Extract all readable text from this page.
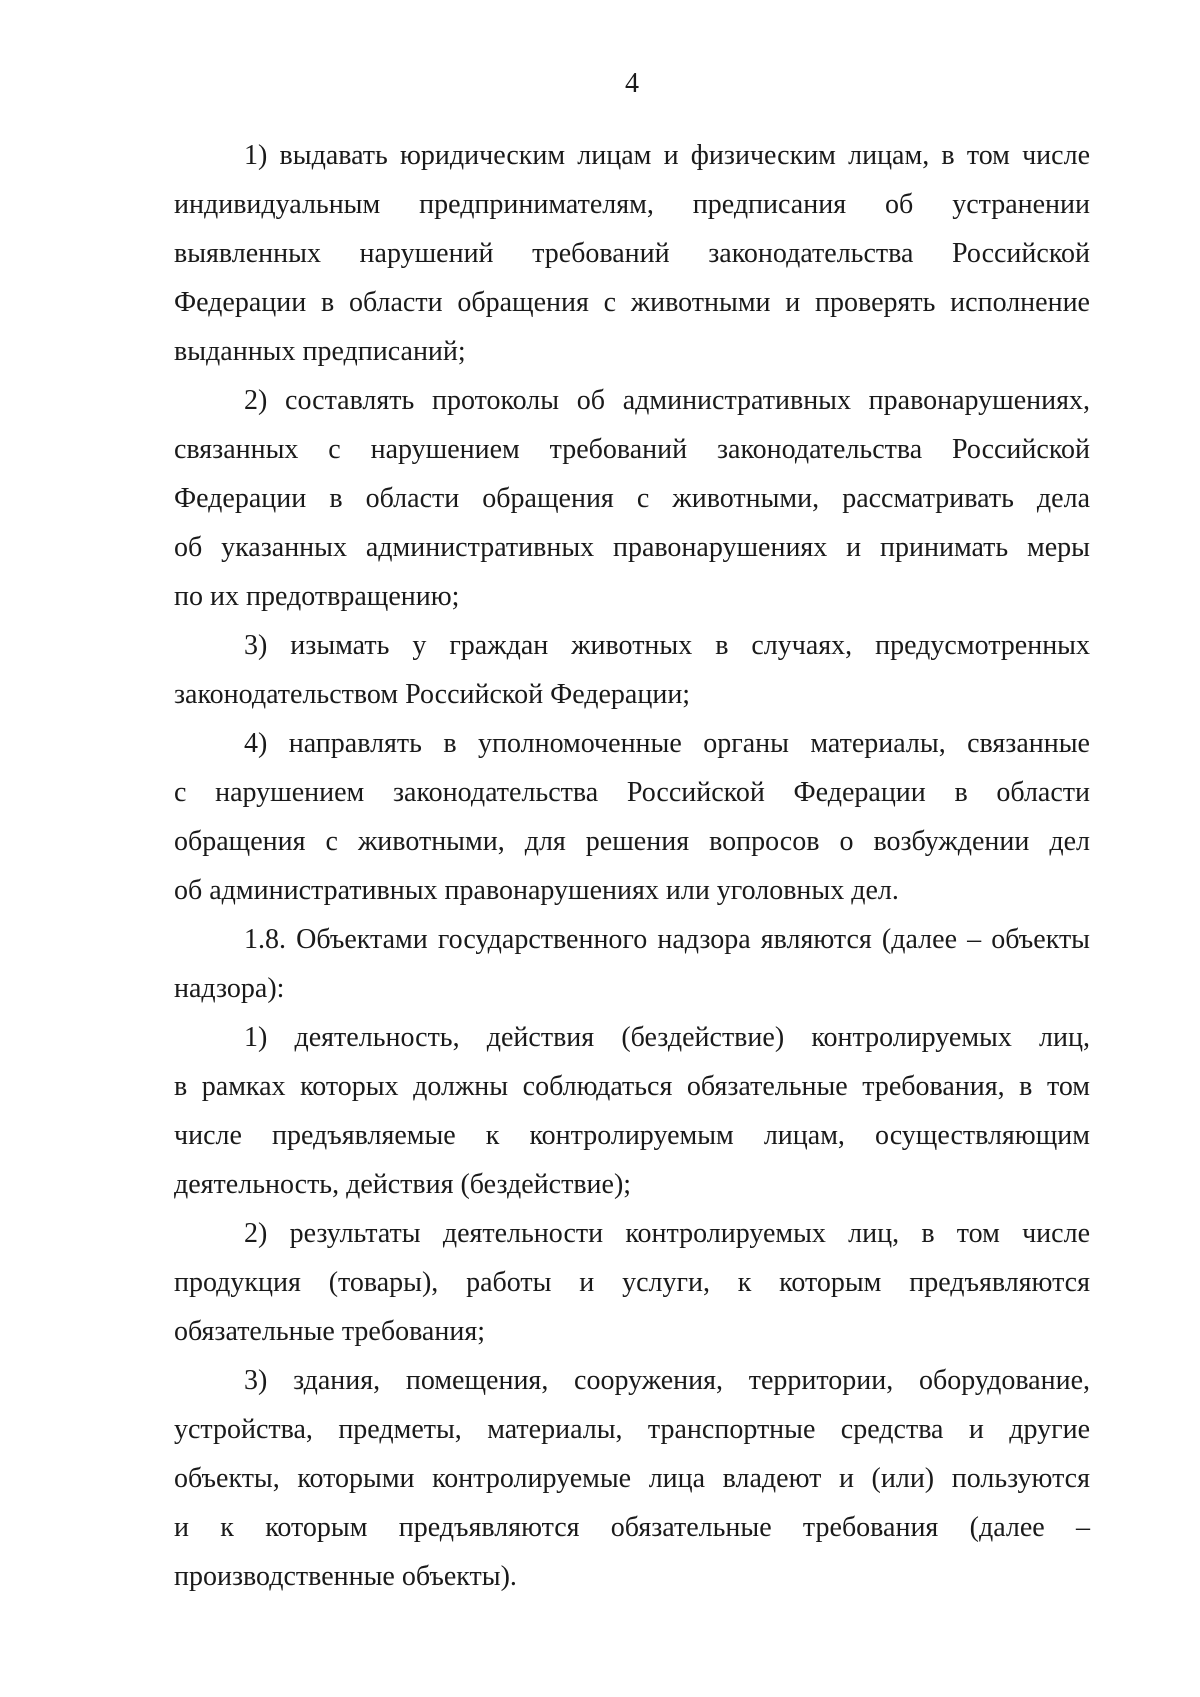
4
1) выдавать юридическим лицам и физическим лицам, в том числе
индивидуальным предпринимателям, предписания об устранении
выявленных нарушений требований законодательства Российской
Федерации в области обращения с животными и проверять исполнение
выданных предписаний;
2) составлять протоколы об административных правонарушениях,
связанных с нарушением требований законодательства Российской
Федерации в области обращения с животными, рассматривать дела
об указанных административных правонарушениях и принимать меры
по их предотвращению;
3) изымать у граждан животных в случаях, предусмотренных
законодательством Российской Федерации;
4) направлять в уполномоченные органы материалы, связанные
с нарушением законодательства Российской Федерации в области
обращения с животными, для решения вопросов о возбуждении дел
об административных правонарушениях или уголовных дел.
1.8. Объектами государственного надзора являются (далее – объекты
надзора):
1) деятельность, действия (бездействие) контролируемых лиц,
в рамках которых должны соблюдаться обязательные требования, в том
числе предъявляемые к контролируемым лицам, осуществляющим
деятельность, действия (бездействие);
2) результаты деятельности контролируемых лиц, в том числе
продукция (товары), работы и услуги, к которым предъявляются
обязательные требования;
3) здания, помещения, сооружения, территории, оборудование,
устройства, предметы, материалы, транспортные средства и другие
объекты, которыми контролируемые лица владеют и (или) пользуются
и к которым предъявляются обязательные требования (далее –
производственные объекты).
